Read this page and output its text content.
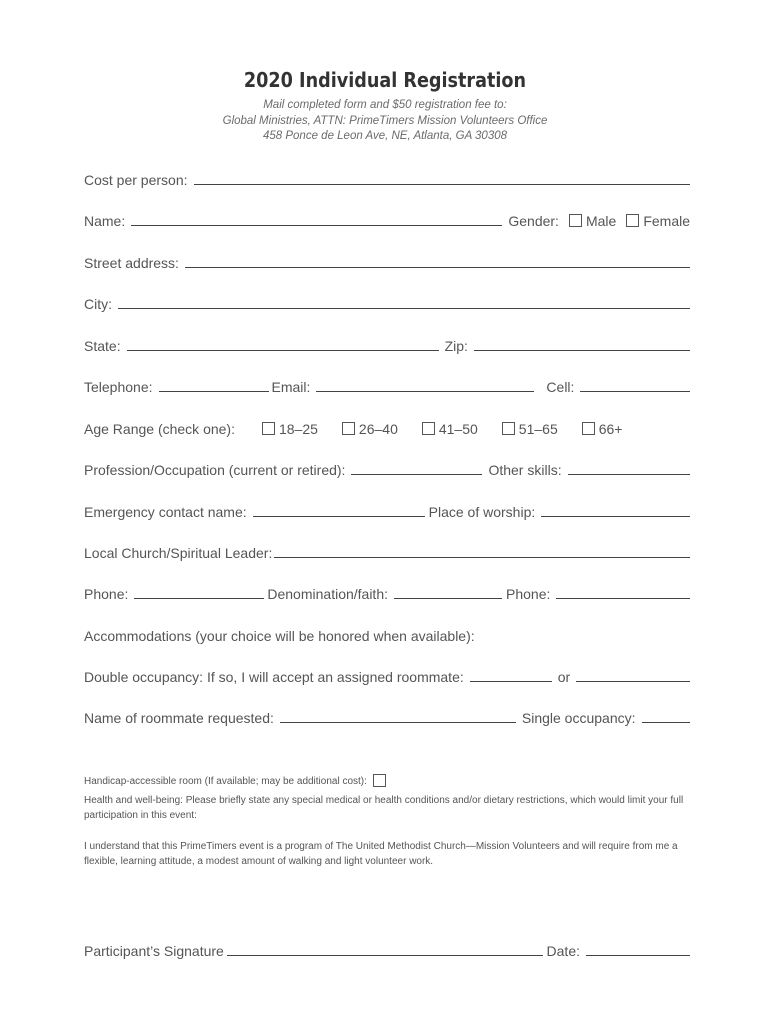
2020 Individual Registration
Mail completed form and $50 registration fee to:
Global Ministries, ATTN: PrimeTimers Mission Volunteers Office
458 Ponce de Leon Ave, NE, Atlanta, GA 30308
Cost per person:
Name:	Gender: Male Female
Street address:
City:
State:	Zip:
Telephone:	Email:	Cell:
Age Range (check one):	18–25	26–40	41–50	51–65	66+
Profession/Occupation (current or retired):	Other skills:
Emergency contact name:	Place of worship:
Local Church/Spiritual Leader:
Phone:	Denomination/faith:	Phone:
Accommodations (your choice will be honored when available):
Double occupancy: If so, I will accept an assigned roommate:	or
Name of roommate requested:	Single occupancy:
Handicap-accessible room (If available; may be additional cost):
Health and well-being: Please briefly state any special medical or health conditions and/or dietary restrictions, which would limit your full participation in this event:
I understand that this PrimeTimers event is a program of The United Methodist Church—Mission Volunteers and will require from me a flexible, learning attitude, a modest amount of walking and light volunteer work.
Participant’s Signature	Date:
